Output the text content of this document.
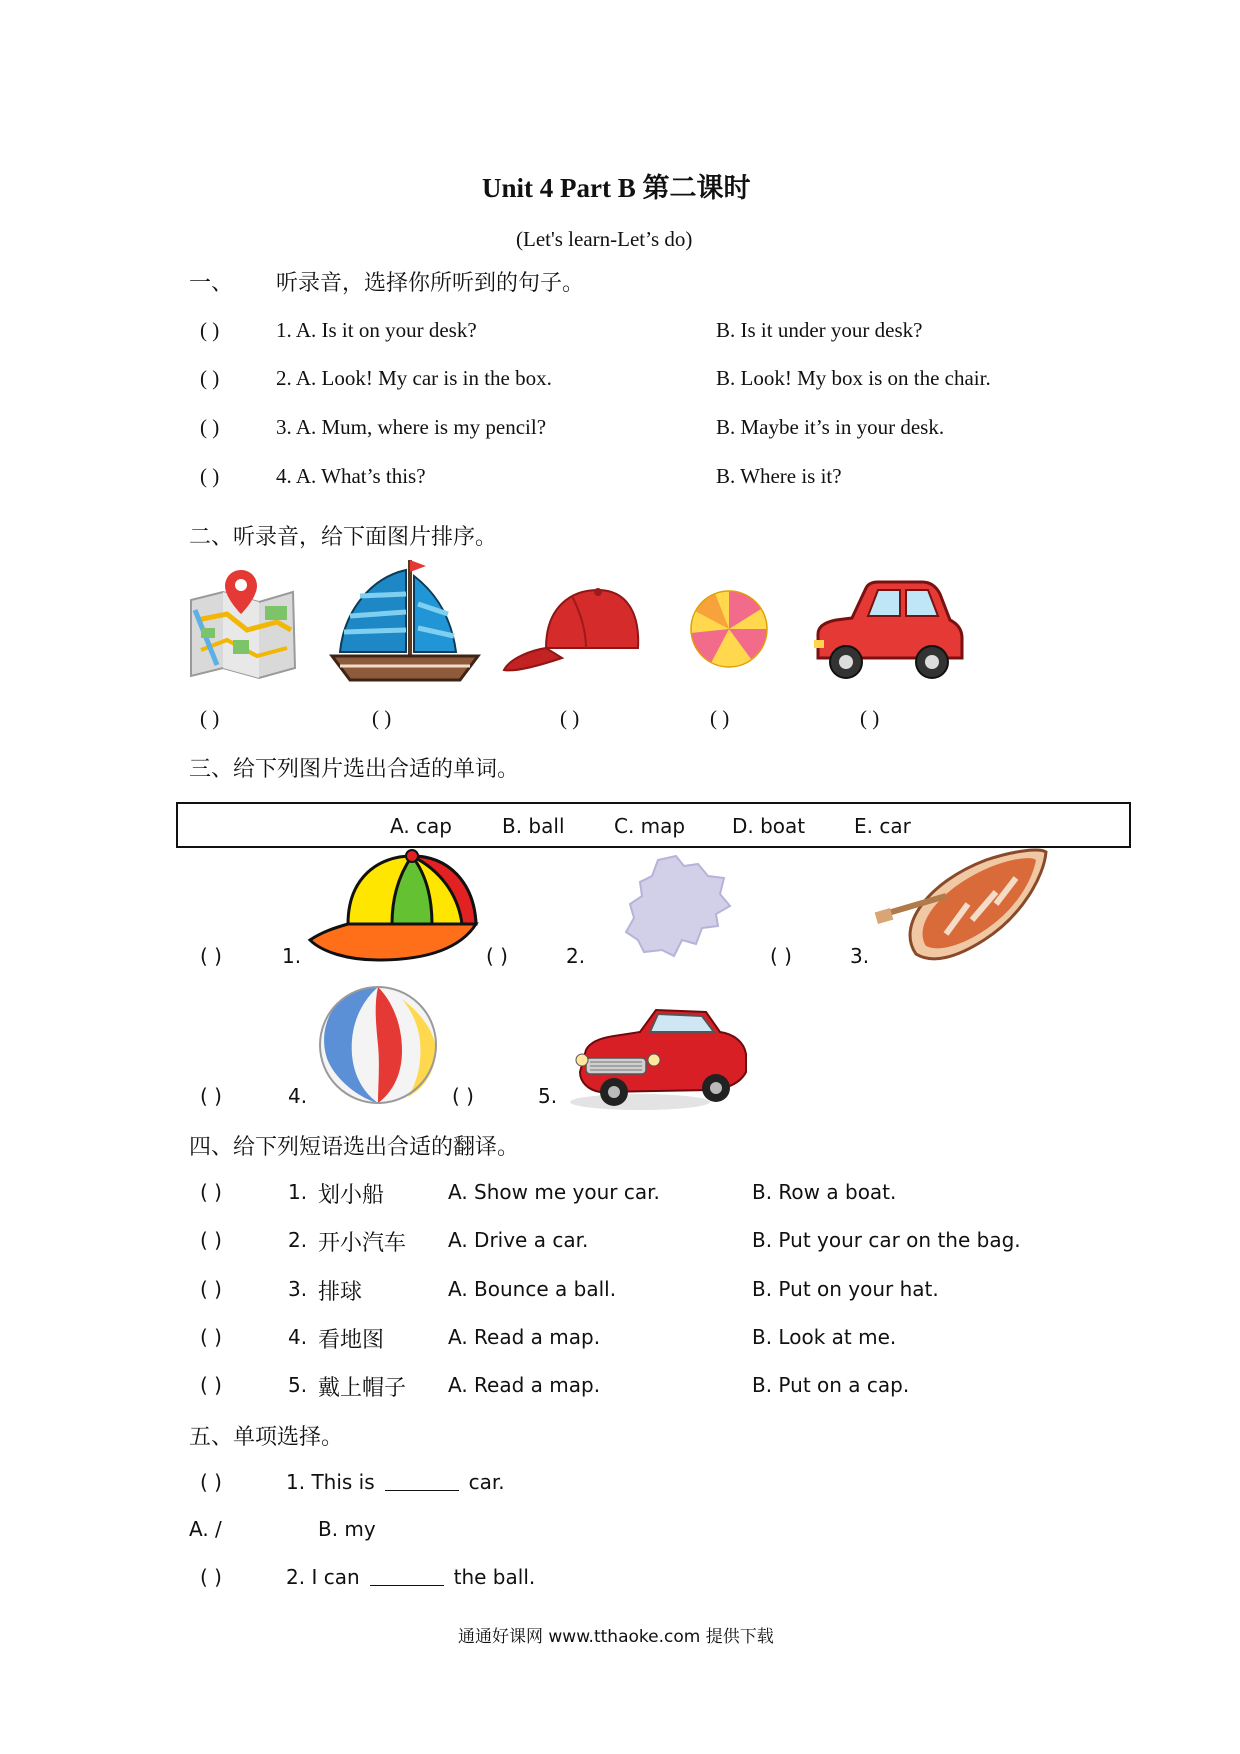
Unit 4 Part B 第二课时
(Let's learn-Let’s do)
一、 听录音，选择你所听到的句子。
( )	1. A. Is it on your desk?	B. Is it under your desk?
( )	2. A. Look! My car is in the box.	B. Look! My box is on the chair.
( )	3. A. Mum, where is my pencil?	B. Maybe it’s in your desk.
( )	4. A. What’s this?	B. Where is it?
二、听录音，给下面图片排序。
( )	( )	( )	( )	( )
三、给下列图片选出合适的单词。
A. cap	B. ball C. map D. boat E. car
( )	1.	( )	2.	( )	3.
( )	4.	( )	5.
四、给下列短语选出合适的翻译。
( )	1. 划小船	A. Show me your car.	B. Row a boat.
( )	2. 开小汽车 A. Drive a car.	B. Put your car on the bag.
( )	3. 排球	A. Bounce a ball.	B. Put on your hat.
( )	4. 看地图	A. Read a map.	B. Look at me.
( )	5. 戴上帽子 A. Read a map.	B. Put on a cap.
五、单项选择。
( )	1. This is	car.
A. /	B. my
( )	2. I can	the ball.
通通好课网 www.tthaoke.com 提供下载
